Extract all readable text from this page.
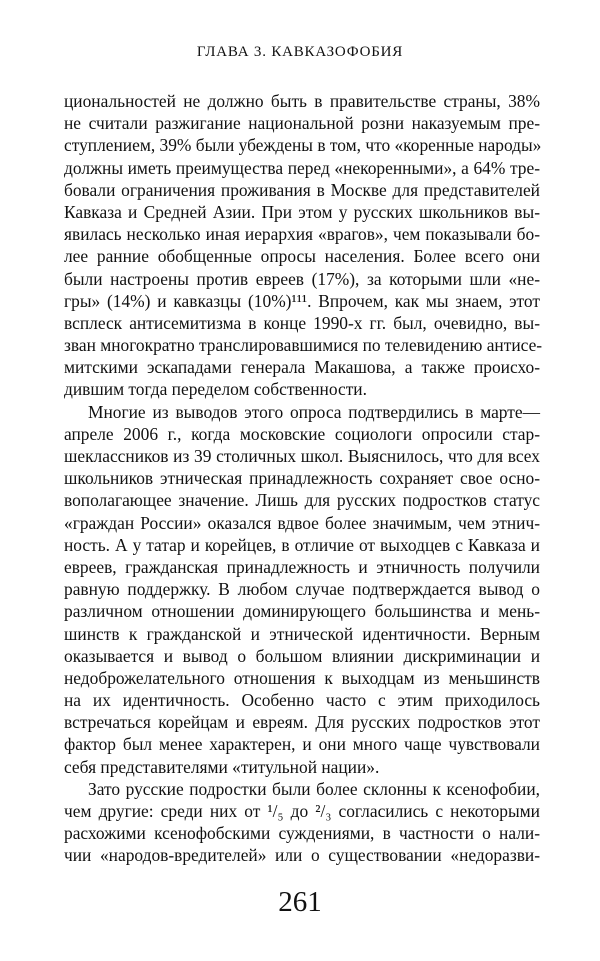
ГЛАВА 3. КАВКАЗОФОБИЯ
циональностей не должно быть в правительстве страны, 38%
не считали разжигание национальной розни наказуемым пре-
ступлением, 39% были убеждены в том, что «коренные народы»
должны иметь преимущества перед «некоренными», а 64% тре-
бовали ограничения проживания в Москве для представителей
Кавказа и Средней Азии. При этом у русских школьников вы-
явилась несколько иная иерархия «врагов», чем показывали бо-
лее ранние обобщенные опросы населения. Более всего они
были настроены против евреев (17%), за которыми шли «не-
гры» (14%) и кавказцы (10%)¹¹¹. Впрочем, как мы знаем, этот
всплеск антисемитизма в конце 1990-х гг. был, очевидно, вы-
зван многократно транслировавшимися по телевидению антисе-
митскими эскападами генерала Макашова, а также происхо-
дившим тогда переделом собственности.
Многие из выводов этого опроса подтвердились в марте—
апреле 2006 г., когда московские социологи опросили стар-
шеклассников из 39 столичных школ. Выяснилось, что для всех
школьников этническая принадлежность сохраняет свое осно-
вополагающее значение. Лишь для русских подростков статус
«граждан России» оказался вдвое более значимым, чем этнич-
ность. А у татар и корейцев, в отличие от выходцев с Кавказа и
евреев, гражданская принадлежность и этничность получили
равную поддержку. В любом случае подтверждается вывод о
различном отношении доминирующего большинства и мень-
шинств к гражданской и этнической идентичности. Верным
оказывается и вывод о большом влиянии дискриминации и
недоброжелательного отношения к выходцам из меньшинств
на их идентичность. Особенно часто с этим приходилось
встречаться корейцам и евреям. Для русских подростков этот
фактор был менее характерен, и они много чаще чувствовали
себя представителями «титульной нации».
Зато русские подростки были более склонны к ксенофобии,
чем другие: среди них от ¹/₅ до ²/₃ согласились с некоторыми
расхожими ксенофобскими суждениями, в частности о нали-
чии «народов-вредителей» или о существовании «недоразви-
261
